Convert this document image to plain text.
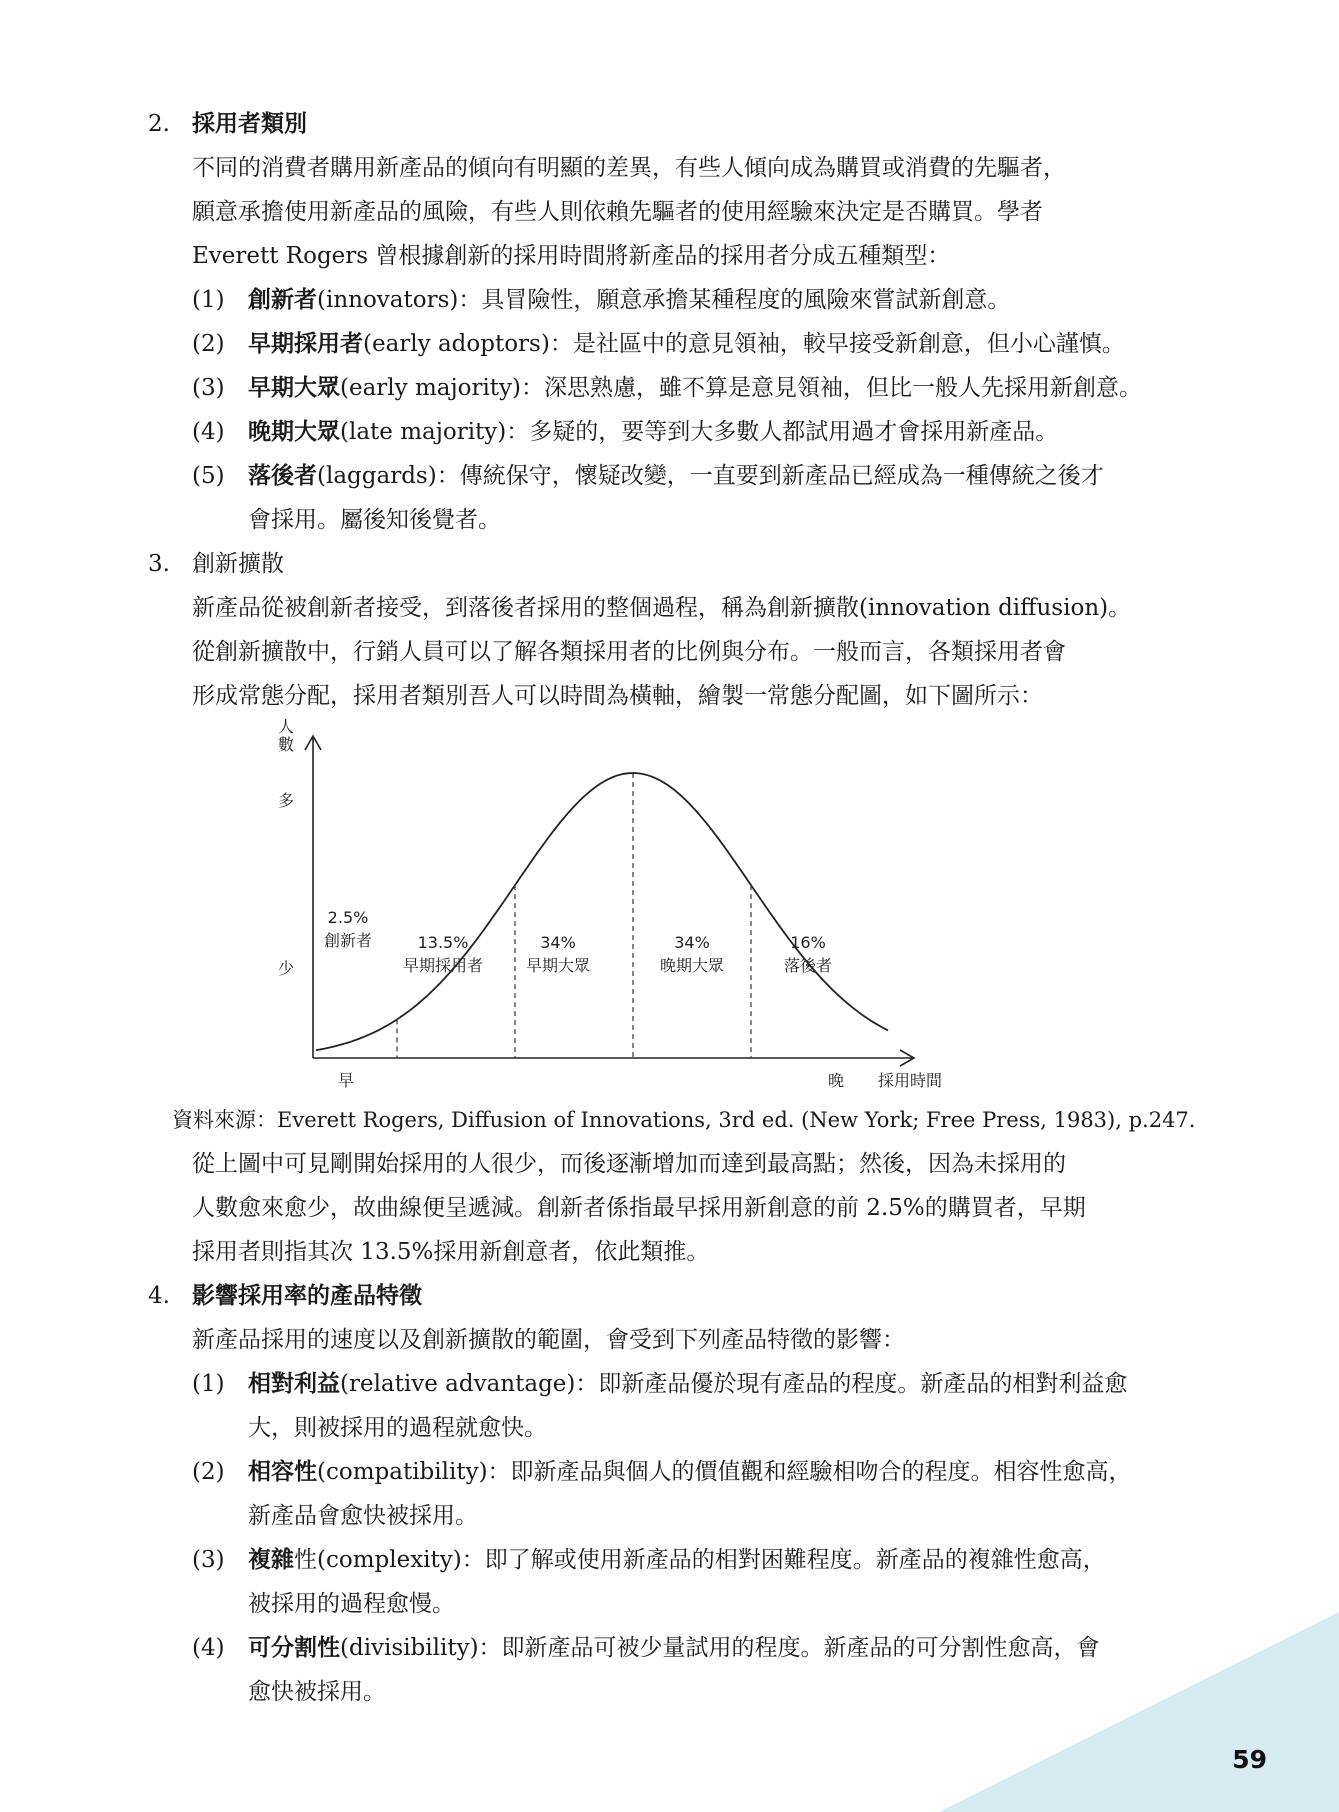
2. 採用者類別
不同的消費者購用新產品的傾向有明顯的差異，有些人傾向成為購買或消費的先驅者，
願意承擔使用新產品的風險，有些人則依賴先驅者的使用經驗來決定是否購買。學者
Everett Rogers 曾根據創新的採用時間將新產品的採用者分成五種類型：
(1) 創新者(innovators)：具冒險性，願意承擔某種程度的風險來嘗試新創意。
(2) 早期採用者(early adoptors)：是社區中的意見領袖，較早接受新創意，但小心謹慎。
(3) 早期大眾(early majority)：深思熟慮，雖不算是意見領袖，但比一般人先採用新創意。
(4) 晚期大眾(late majority)：多疑的，要等到大多數人都試用過才會採用新產品。
(5) 落後者(laggards)：傳統保守，懷疑改變，一直要到新產品已經成為一種傳統之後才
會採用。屬後知後覺者。
3. 創新擴散
新產品從被創新者接受，到落後者採用的整個過程，稱為創新擴散(innovation diffusion)。
從創新擴散中，行銷人員可以了解各類採用者的比例與分布。一般而言，各類採用者會
形成常態分配，採用者類別吾人可以時間為橫軸，繪製一常態分配圖，如下圖所示：
人數
多
少
早	晚 採用時間
2.5%
創新者	13.5%
早期採用者
34%
早期大眾
34%
晚期大眾
16%
落後者
資料來源：Everett Rogers, Diffusion of Innovations, 3rd ed. (New York; Free Press, 1983), p.247.
從上圖中可見剛開始採用的人很少，而後逐漸增加而達到最高點；然後，因為未採用的
人數愈來愈少，故曲線便呈遞減。創新者係指最早採用新創意的前 2.5%的購買者，早期
採用者則指其次 13.5%採用新創意者，依此類推。
4. 影響採用率的產品特徵
新產品採用的速度以及創新擴散的範圍，會受到下列產品特徵的影響：
(1) 相對利益(relative advantage)：即新產品優於現有產品的程度。新產品的相對利益愈
大，則被採用的過程就愈快。
(2) 相容性(compatibility)：即新產品與個人的價值觀和經驗相吻合的程度。相容性愈高，
新產品會愈快被採用。
(3) 複雜性(complexity)：即了解或使用新產品的相對困難程度。新產品的複雜性愈高，
被採用的過程愈慢。
(4) 可分割性(divisibility)：即新產品可被少量試用的程度。新產品的可分割性愈高，會
愈快被採用。
59
